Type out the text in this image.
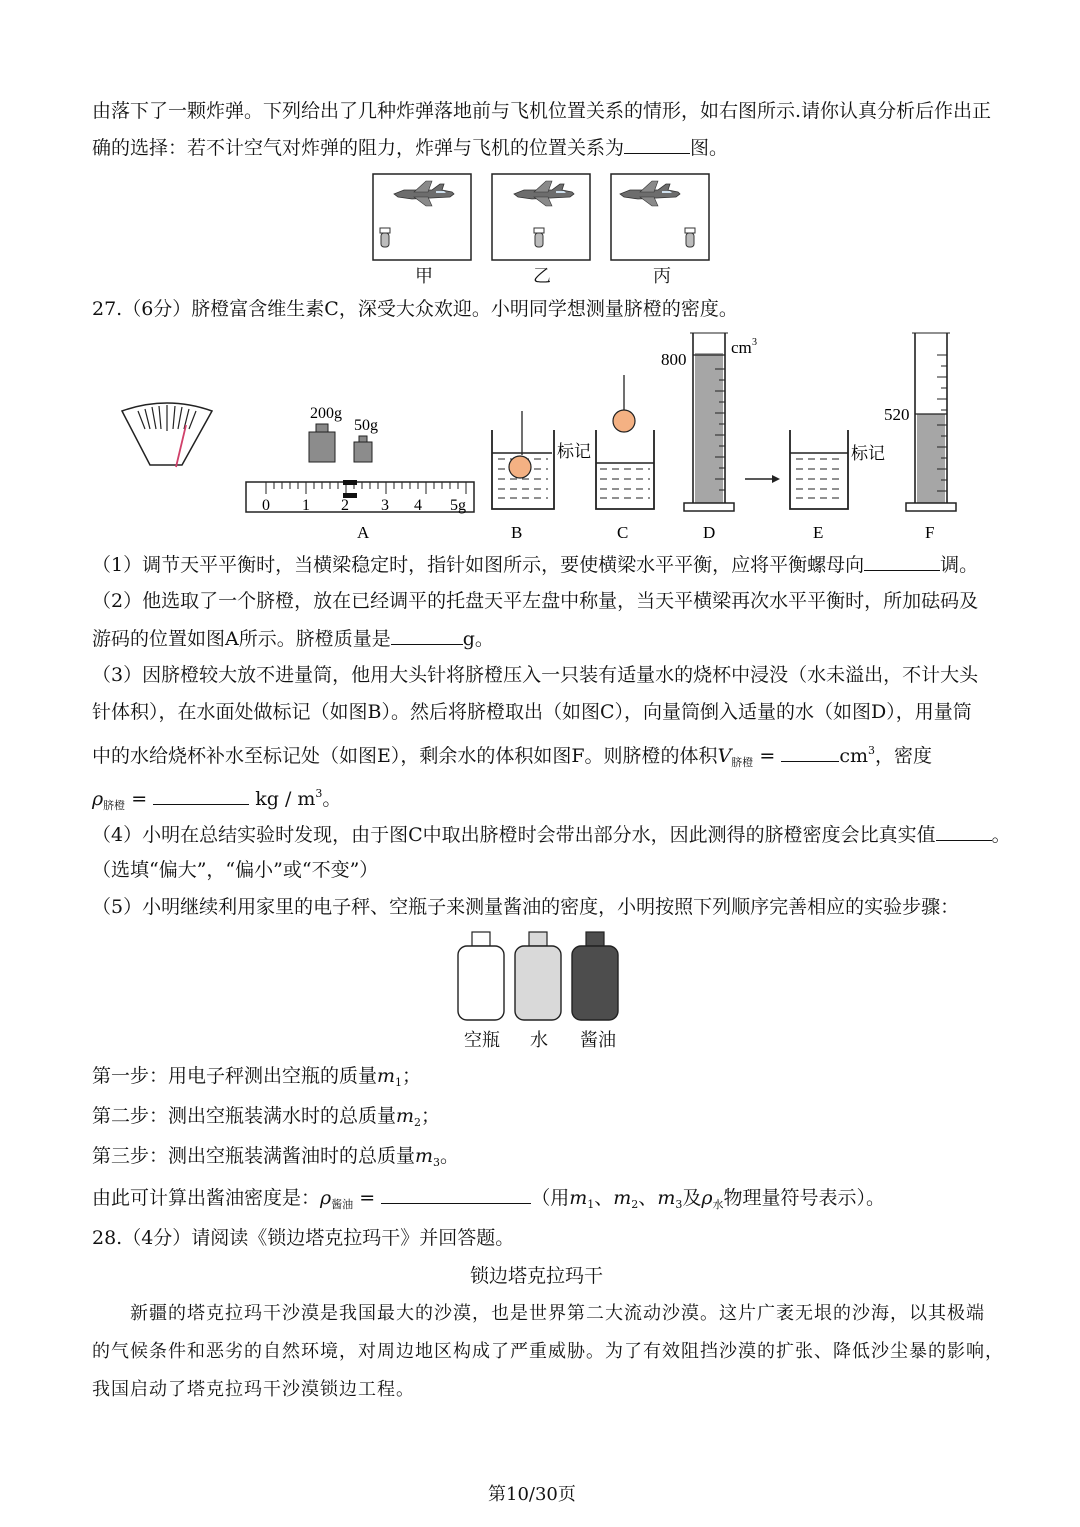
由落下了一颗炸弹。下列给出了几种炸弹落地前与飞机位置关系的情形，如右图所示.请你认真分析后作出正
确的选择：若不计空气对炸弹的阻力，炸弹与飞机的位置关系为	图。
甲	乙	丙
27.（6分）脐橙富含维生素C，深受大众欢迎。小明同学想测量脐橙的密度。
200g
50g
0 1 2 3 4 5g
标记
800
cm 3
标记
520
A	B	C	D	E	F
（1）调节天平平衡时，当横梁稳定时，指针如图所示，要使横梁水平平衡，应将平衡螺母向	调。
（2）他选取了一个脐橙，放在已经调平的托盘天平左盘中称量，当天平横梁再次水平平衡时，所加砝码及
游码的位置如图A所示。脐橙质量是	g。
（3）因脐橙较大放不进量筒，他用大头针将脐橙压入一只装有适量水的烧杯中浸没（水未溢出，不计大头
针体积），在水面处做标记（如图B）。然后将脐橙取出（如图C），向量筒倒入适量的水（如图D），用量筒
中的水给烧杯补水至标记处（如图E），剩余水的体积如图F。则脐橙的体积$V_{脐橙}$ =	$cm^3$，密度
$\rho_{脐橙}$ =	kg / $m^3$。
（4）小明在总结实验时发现，由于图C中取出脐橙时会带出部分水，因此测得的脐橙密度会比真实值	。
（选填“偏大”，“偏小”或“不变”）
（5）小明继续利用家里的电子秤、空瓶子来测量酱油的密度，小明按照下列顺序完善相应的实验步骤：
空瓶	水	酱油
第一步：用电子秤测出空瓶的质量$m_1$；
第二步：测出空瓶装满水时的总质量$m_2$；
第三步：测出空瓶装满酱油时的总质量$m_3$。
由此可计算出酱油密度是：$\rho_{酱油}$ =	（用$m_1$、$m_2$、$m_3$及$\rho_水$物理量符号表示）。
28.（4分）请阅读《锁边塔克拉玛干》并回答题。
锁边塔克拉玛干
新疆的塔克拉玛干沙漠是我国最大的沙漠，也是世界第二大流动沙漠。这片广袤无垠的沙海，以其极端
的气候条件和恶劣的自然环境，对周边地区构成了严重威胁。为了有效阻挡沙漠的扩张、降低沙尘暴的影响，
我国启动了塔克拉玛干沙漠锁边工程。
第10/30页
